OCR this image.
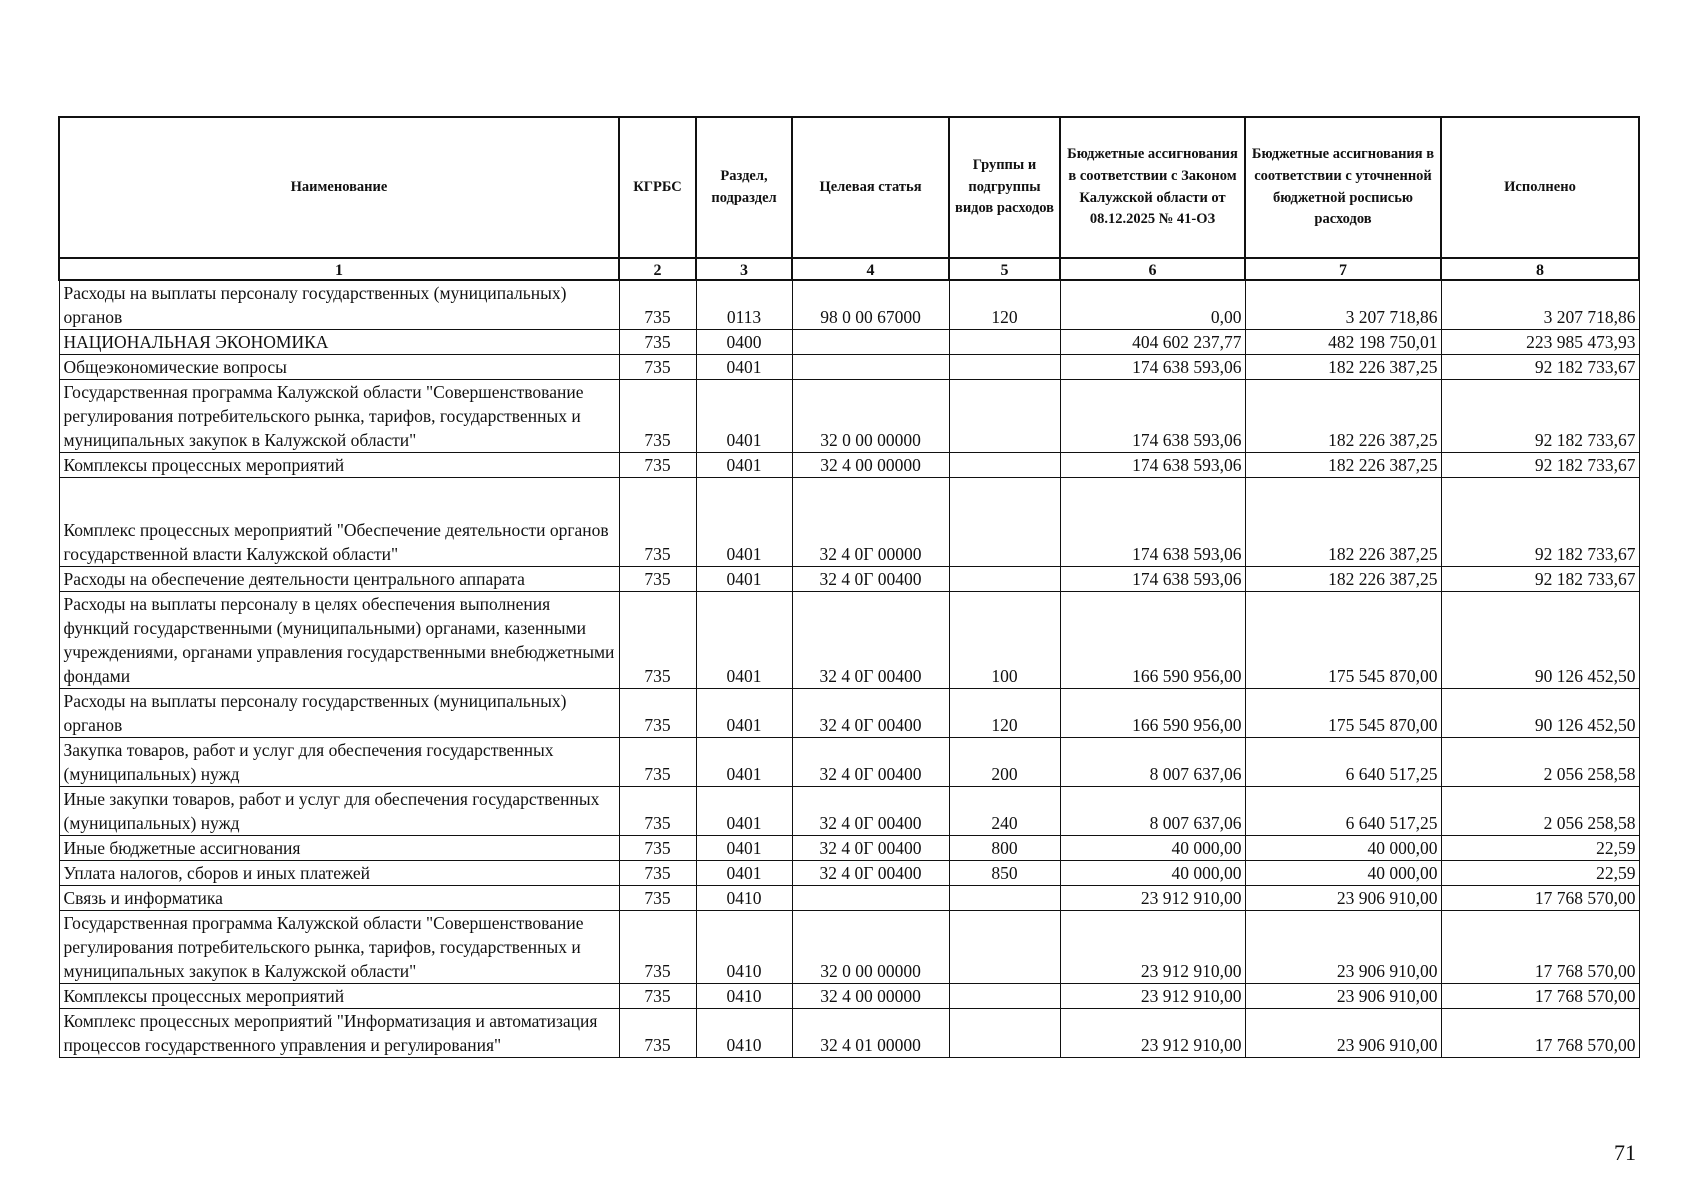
Наименование	КГРБС	Раздел, подраздел	Целевая статья	Группы и подгруппы видов расходов	Бюджетные ассигнования в соответствии с Законом Калужской области от 08.12.2025 № 41-ОЗ	Бюджетные ассигнования в соответствии с уточненной бюджетной росписью расходов	Исполнено
1	2	3	4	5	6	7	8
Расходы на выплаты персоналу государственных (муниципальных) органов	735	0113	98 0 00 67000	120	0,00	3 207 718,86	3 207 718,86
НАЦИОНАЛЬНАЯ ЭКОНОМИКА	735	0400			404 602 237,77	482 198 750,01	223 985 473,93
Общеэкономические вопросы	735	0401			174 638 593,06	182 226 387,25	92 182 733,67
Государственная программа Калужской области "Совершенствование регулирования потребительского рынка, тарифов, государственных и муниципальных закупок в Калужской области"	735	0401	32 0 00 00000		174 638 593,06	182 226 387,25	92 182 733,67
Комплексы процессных мероприятий	735	0401	32 4 00 00000		174 638 593,06	182 226 387,25	92 182 733,67

Комплекс процессных мероприятий "Обеспечение деятельности органов государственной власти Калужской области"	735	0401	32 4 0Г 00000		174 638 593,06	182 226 387,25	92 182 733,67
Расходы на обеспечение деятельности центрального аппарата	735	0401	32 4 0Г 00400		174 638 593,06	182 226 387,25	92 182 733,67
Расходы на выплаты персоналу в целях обеспечения выполнения функций государственными (муниципальными) органами, казенными учреждениями, органами управления государственными внебюджетными фондами	735	0401	32 4 0Г 00400	100	166 590 956,00	175 545 870,00	90 126 452,50
Расходы на выплаты персоналу государственных (муниципальных) органов	735	0401	32 4 0Г 00400	120	166 590 956,00	175 545 870,00	90 126 452,50
Закупка товаров, работ и услуг для обеспечения государственных (муниципальных) нужд	735	0401	32 4 0Г 00400	200	8 007 637,06	6 640 517,25	2 056 258,58
Иные закупки товаров, работ и услуг для обеспечения государственных (муниципальных) нужд	735	0401	32 4 0Г 00400	240	8 007 637,06	6 640 517,25	2 056 258,58
Иные бюджетные ассигнования	735	0401	32 4 0Г 00400	800	40 000,00	40 000,00	22,59
Уплата налогов, сборов и иных платежей	735	0401	32 4 0Г 00400	850	40 000,00	40 000,00	22,59
Связь и информатика	735	0410			23 912 910,00	23 906 910,00	17 768 570,00
Государственная программа Калужской области "Совершенствование регулирования потребительского рынка, тарифов, государственных и муниципальных закупок в Калужской области"	735	0410	32 0 00 00000		23 912 910,00	23 906 910,00	17 768 570,00
Комплексы процессных мероприятий	735	0410	32 4 00 00000		23 912 910,00	23 906 910,00	17 768 570,00
Комплекс процессных мероприятий "Информатизация и автоматизация процессов государственного управления и регулирования"	735	0410	32 4 01 00000		23 912 910,00	23 906 910,00	17 768 570,00
71
